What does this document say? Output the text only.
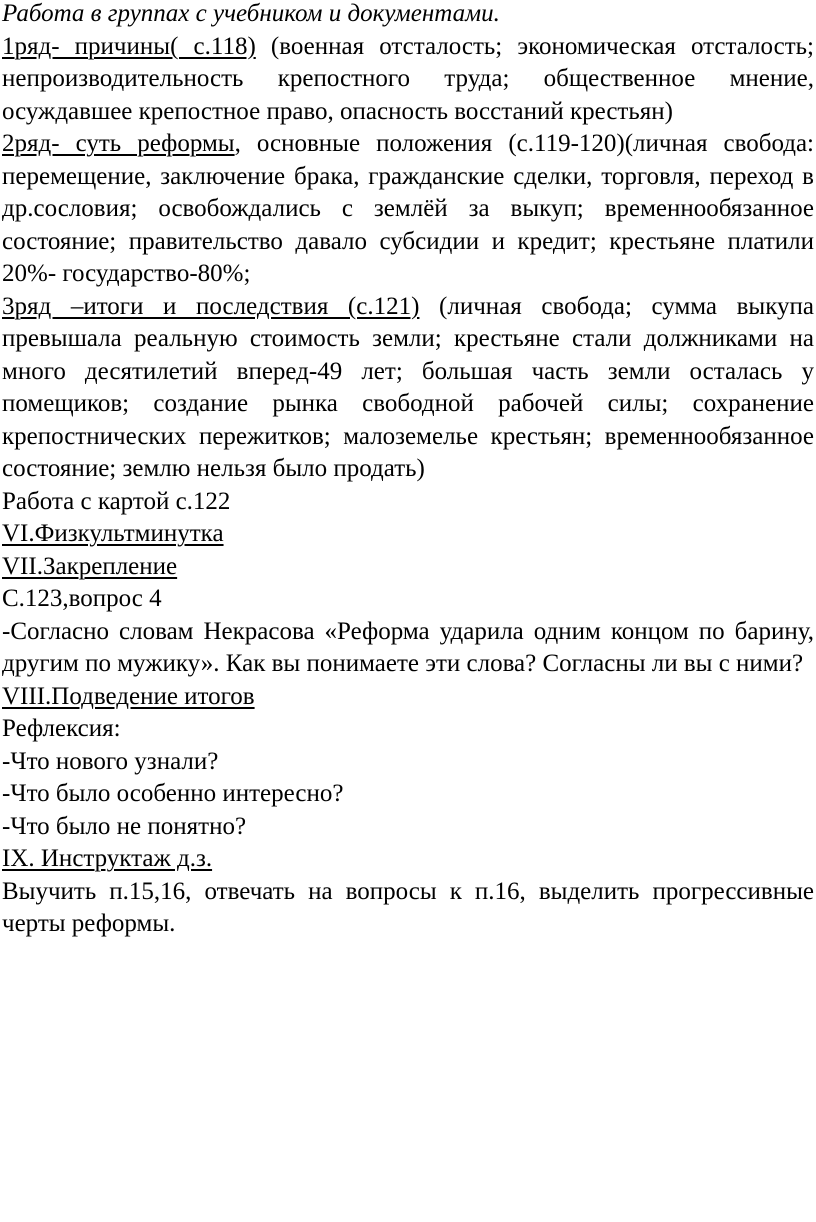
Работа в группах с учебником и документами.

1ряд- причины( с.118) (военная отсталость; экономическая отсталость; непроизводительность крепостного труда; общественное мнение, осуждавшее крепостное право, опасность восстаний крестьян)

2ряд- суть реформы, основные положения (с.119-120)(личная свобода: перемещение, заключение брака, гражданские сделки, торговля, переход в др.сословия; освобождались с землёй за выкуп; временнообязанное состояние; правительство давало субсидии и кредит; крестьяне платили 20%- государство-80%;

3ряд –итоги и последствия (с.121) (личная свобода; сумма выкупа превышала реальную стоимость земли; крестьяне стали должниками на много десятилетий вперед-49 лет; большая часть земли осталась у помещиков; создание рынка свободной рабочей силы; сохранение крепостнических пережитков; малоземелье крестьян; временнообязанное состояние; землю нельзя было продать)

Работа с картой с.122

VI.Физкультминутка

VII.Закрепление

С.123,вопрос 4

-Согласно словам Некрасова «Реформа ударила одним концом по барину, другим по мужику». Как вы понимаете эти слова? Согласны ли вы с ними?

VIII.Подведение итогов

Рефлексия:

-Что нового узнали?

-Что было особенно интересно?

-Что было не понятно?

IX. Инструктаж д.з.

Выучить п.15,16, отвечать на вопросы к п.16, выделить прогрессивные черты реформы.
